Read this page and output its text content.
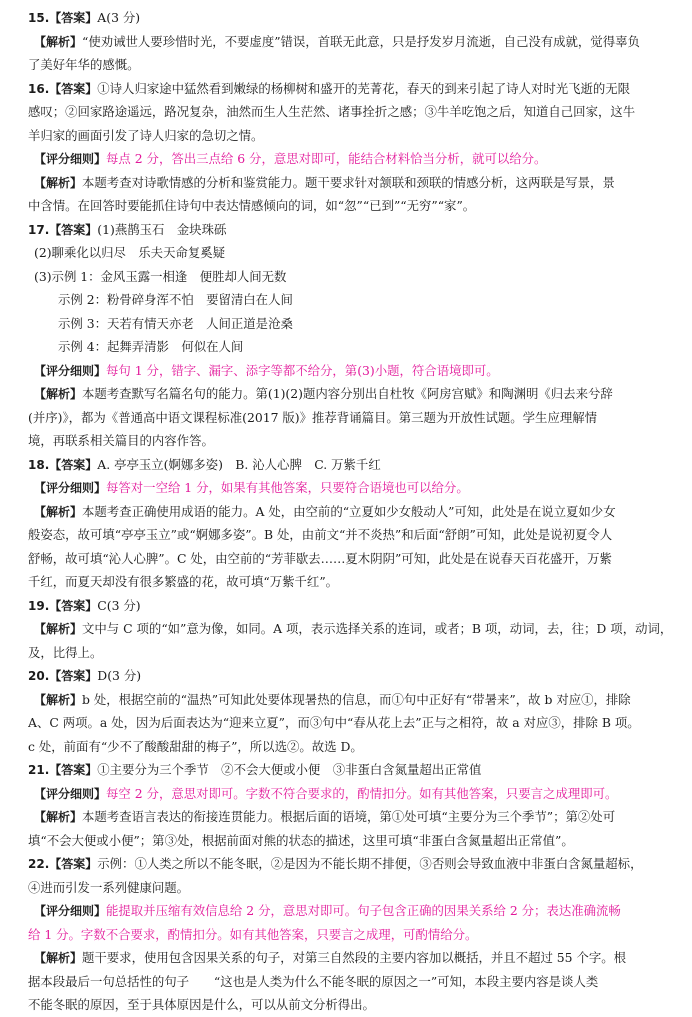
15.【答案】A(3 分)
【解析】“使劝诫世人要珍惜时光，不要虚度”错误，首联无此意，只是抒发岁月流逝，自己没有成就，觉得辜负
了美好年华的感慨。
16.【答案】①诗人归家途中猛然看到嫩绿的杨柳树和盛开的芜菁花，春天的到来引起了诗人对时光飞逝的无限
感叹；②回家路途遥远，路况复杂，油然而生人生茫然、诸事拴折之感；③牛羊吃饱之后，知道自己回家，这牛
羊归家的画面引发了诗人归家的急切之情。
【评分细则】每点 2 分，答出三点给 6 分，意思对即可，能结合材料恰当分析，就可以给分。
【解析】本题考查对诗歌情感的分析和鉴赏能力。题干要求针对颔联和颈联的情感分析，这两联是写景，景
中含情。在回答时要能抓住诗句中表达情感倾向的词，如“忽”“已到”“无穷”“家”。
17.【答案】(1)燕鹊玉石　金块珠砾
(2)聊乘化以归尽　乐夫天命复奚疑
(3)示例 1：金风玉露一相逢　便胜却人间无数
示例 2：粉骨碎身浑不怕　要留清白在人间
示例 3：天若有情天亦老　人间正道是沧桑
示例 4：起舞弄清影　何似在人间
【评分细则】每句 1 分，错字、漏字、添字等都不给分，第(3)小题，符合语境即可。
【解析】本题考查默写名篇名句的能力。第(1)(2)题内容分别出自杜牧《阿房宫赋》和陶渊明《归去来兮辞
(并序)》，都为《普通高中语文课程标准(2017 版)》推荐背诵篇目。第三题为开放性试题。学生应理解情
境，再联系相关篇目的内容作答。
18.【答案】A. 亭亭玉立(婀娜多姿)　B. 沁人心脾　C. 万紫千红
【评分细则】每答对一空给 1 分，如果有其他答案，只要符合语境也可以给分。
【解析】本题考查正确使用成语的能力。A 处，由空前的“立夏如少女般动人”可知，此处是在说立夏如少女
般姿态，故可填“亭亭玉立”或“婀娜多姿”。B 处，由前文“并不炎热”和后面“舒朗”可知，此处是说初夏令人
舒畅，故可填“沁人心脾”。C 处，由空前的“芳菲歇去……夏木阴阴”可知，此处是在说春天百花盛开，万紫
千红，而夏天却没有很多繁盛的花，故可填“万紫千红”。
19.【答案】C(3 分)
【解析】文中与 C 项的“如”意为像，如同。A 项，表示选择关系的连词，或者；B 项，动词，去，往；D 项，动词，
及，比得上。
20.【答案】D(3 分)
【解析】b 处，根据空前的“温热”可知此处要体现暑热的信息，而①句中正好有“带暑来”，故 b 对应①，排除
A、C 两项。a 处，因为后面表达为“迎来立夏”，而③句中“春从花上去”正与之相符，故 a 对应③，排除 B 项。
c 处，前面有“少不了酸酸甜甜的梅子”，所以选②。故选 D。
21.【答案】①主要分为三个季节　②不会大便或小便　③非蛋白含氮量超出正常值
【评分细则】每空 2 分，意思对即可。字数不符合要求的，酌情扣分。如有其他答案，只要言之成理即可。
【解析】本题考查语言表达的衔接连贯能力。根据后面的语境，第①处可填“主要分为三个季节”；第②处可
填“不会大便或小便”；第③处，根据前面对熊的状态的描述，这里可填“非蛋白含氮量超出正常值”。
22.【答案】示例：①人类之所以不能冬眠，②是因为不能长期不排便，③否则会导致血液中非蛋白含氮量超标，
④进而引发一系列健康问题。
【评分细则】能提取并压缩有效信息给 2 分，意思对即可。句子包含正确的因果关系给 2 分；表达准确流畅
给 1 分。字数不合要求，酌情扣分。如有其他答案，只要言之成理，可酌情给分。
【解析】题干要求，使用包含因果关系的句子，对第三自然段的主要内容加以概括，并且不超过 55 个字。根
据本段最后一句总括性的句子　　“这也是人类为什么不能冬眠的原因之一”可知，本段主要内容是谈人类
不能冬眠的原因，至于具体原因是什么，可以从前文分析得出。
